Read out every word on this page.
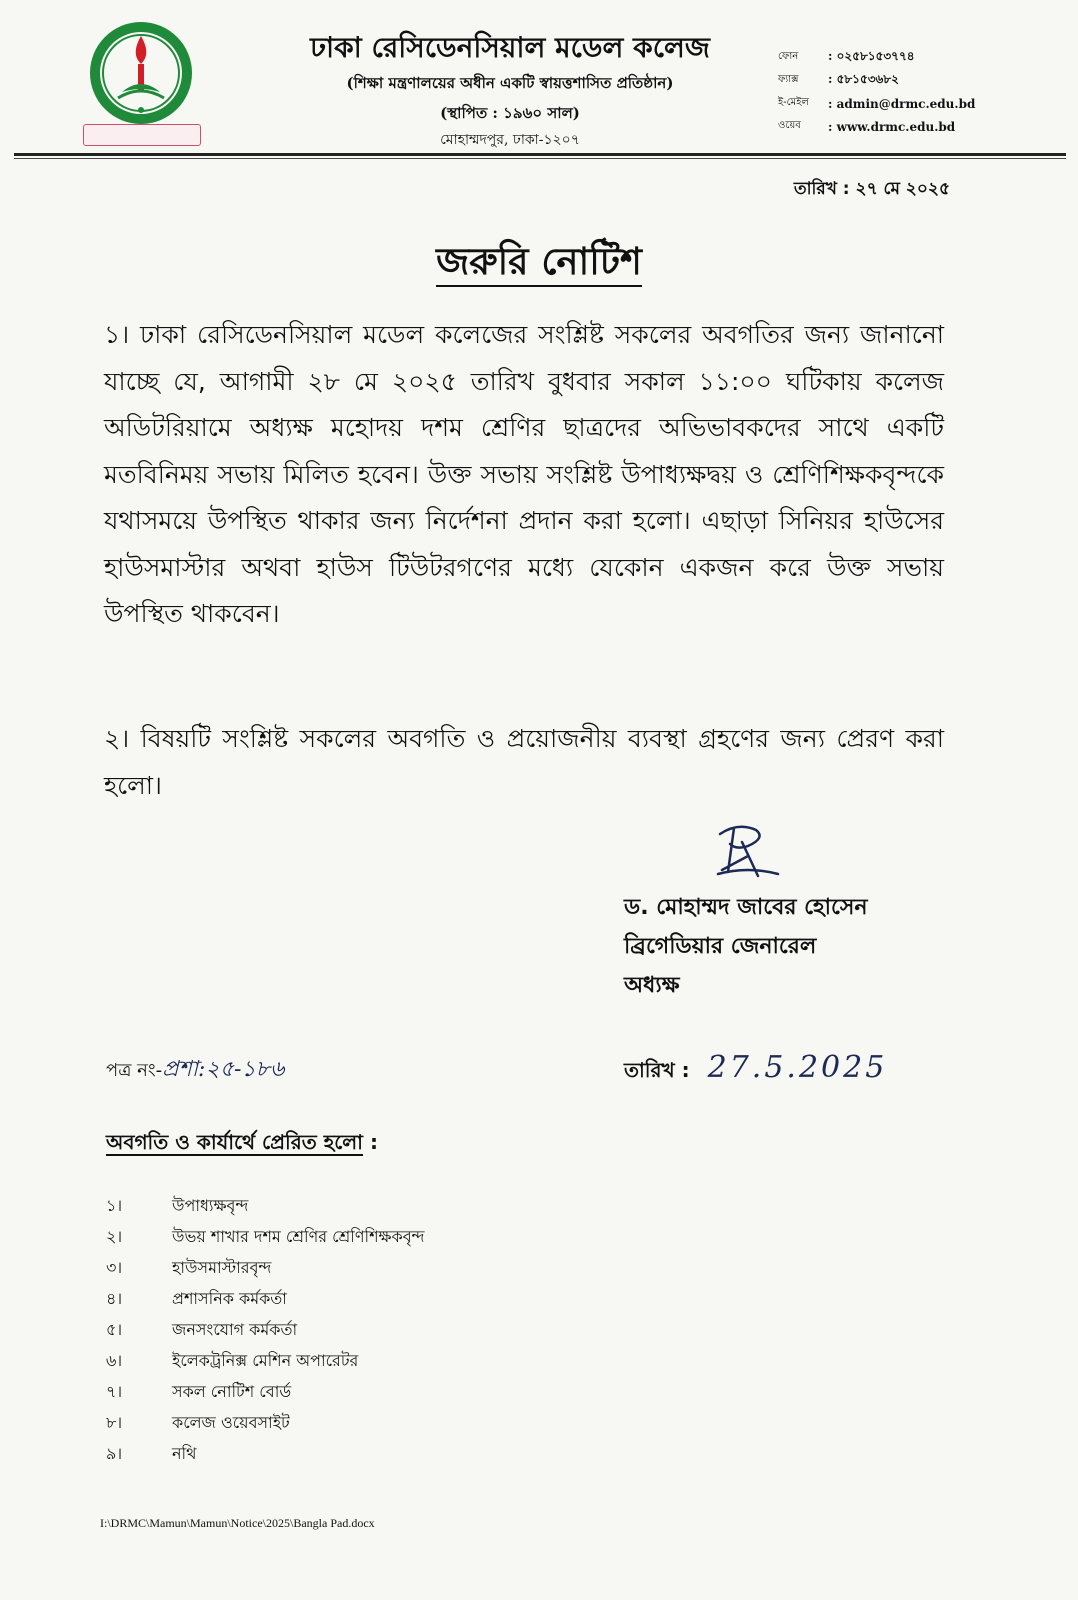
ঢাকা রেসিডেনসিয়াল মডেল কলেজ
(শিক্ষা মন্ত্রণালয়ের অধীন একটি স্বায়ত্তশাসিত প্রতিষ্ঠান)
(স্থাপিত : ১৯৬০ সাল)
মোহাম্মদপুর, ঢাকা-১২০৭
ফোন	: ০২৫৮১৫৩৭৭৪
ফ্যাক্স	: ৫৮১৫৩৬৮২
ই-মেইল	: admin@drmc.edu.bd
ওয়েব	: www.drmc.edu.bd
তারিখ : ২৭ মে ২০২৫
জরুরি নোটিশ
১। ঢাকা রেসিডেনসিয়াল মডেল কলেজের সংশ্লিষ্ট সকলের অবগতির জন্য জানানো যাচ্ছে যে, আগামী ২৮ মে ২০২৫ তারিখ বুধবার সকাল ১১:০০ ঘটিকায় কলেজ অডিটরিয়ামে অধ্যক্ষ মহোদয় দশম শ্রেণির ছাত্রদের অভিভাবকদের সাথে একটি মতবিনিময় সভায় মিলিত হবেন। উক্ত সভায় সংশ্লিষ্ট উপাধ্যক্ষদ্বয় ও শ্রেণিশিক্ষকবৃন্দকে যথাসময়ে উপস্থিত থাকার জন্য নির্দেশনা প্রদান করা হলো। এছাড়া সিনিয়র হাউসের হাউসমাস্টার অথবা হাউস টিউটরগণের মধ্যে যেকোন একজন করে উক্ত সভায় উপস্থিত থাকবেন।
২। বিষয়টি সংশ্লিষ্ট সকলের অবগতি ও প্রয়োজনীয় ব্যবস্থা গ্রহণের জন্য প্রেরণ করা হলো।
ড. মোহাম্মদ জাবের হোসেন
ব্রিগেডিয়ার জেনারেল
অধ্যক্ষ
পত্র নং-প্রশা:২৫-১৮৬	তারিখ : 27.5.2025
অবগতি ও কার্যার্থে প্রেরিত হলো :
১।	উপাধ্যক্ষবৃন্দ
২।	উভয় শাখার দশম শ্রেণির শ্রেণিশিক্ষকবৃন্দ
৩।	হাউসমাস্টারবৃন্দ
৪।	প্রশাসনিক কর্মকর্তা
৫।	জনসংযোগ কর্মকর্তা
৬।	ইলেকট্রনিক্স মেশিন অপারেটর
৭।	সকল নোটিশ বোর্ড
৮।	কলেজ ওয়েবসাইট
৯।	নথি
I:\DRMC\Mamun\Mamun\Notice\2025\Bangla Pad.docx
